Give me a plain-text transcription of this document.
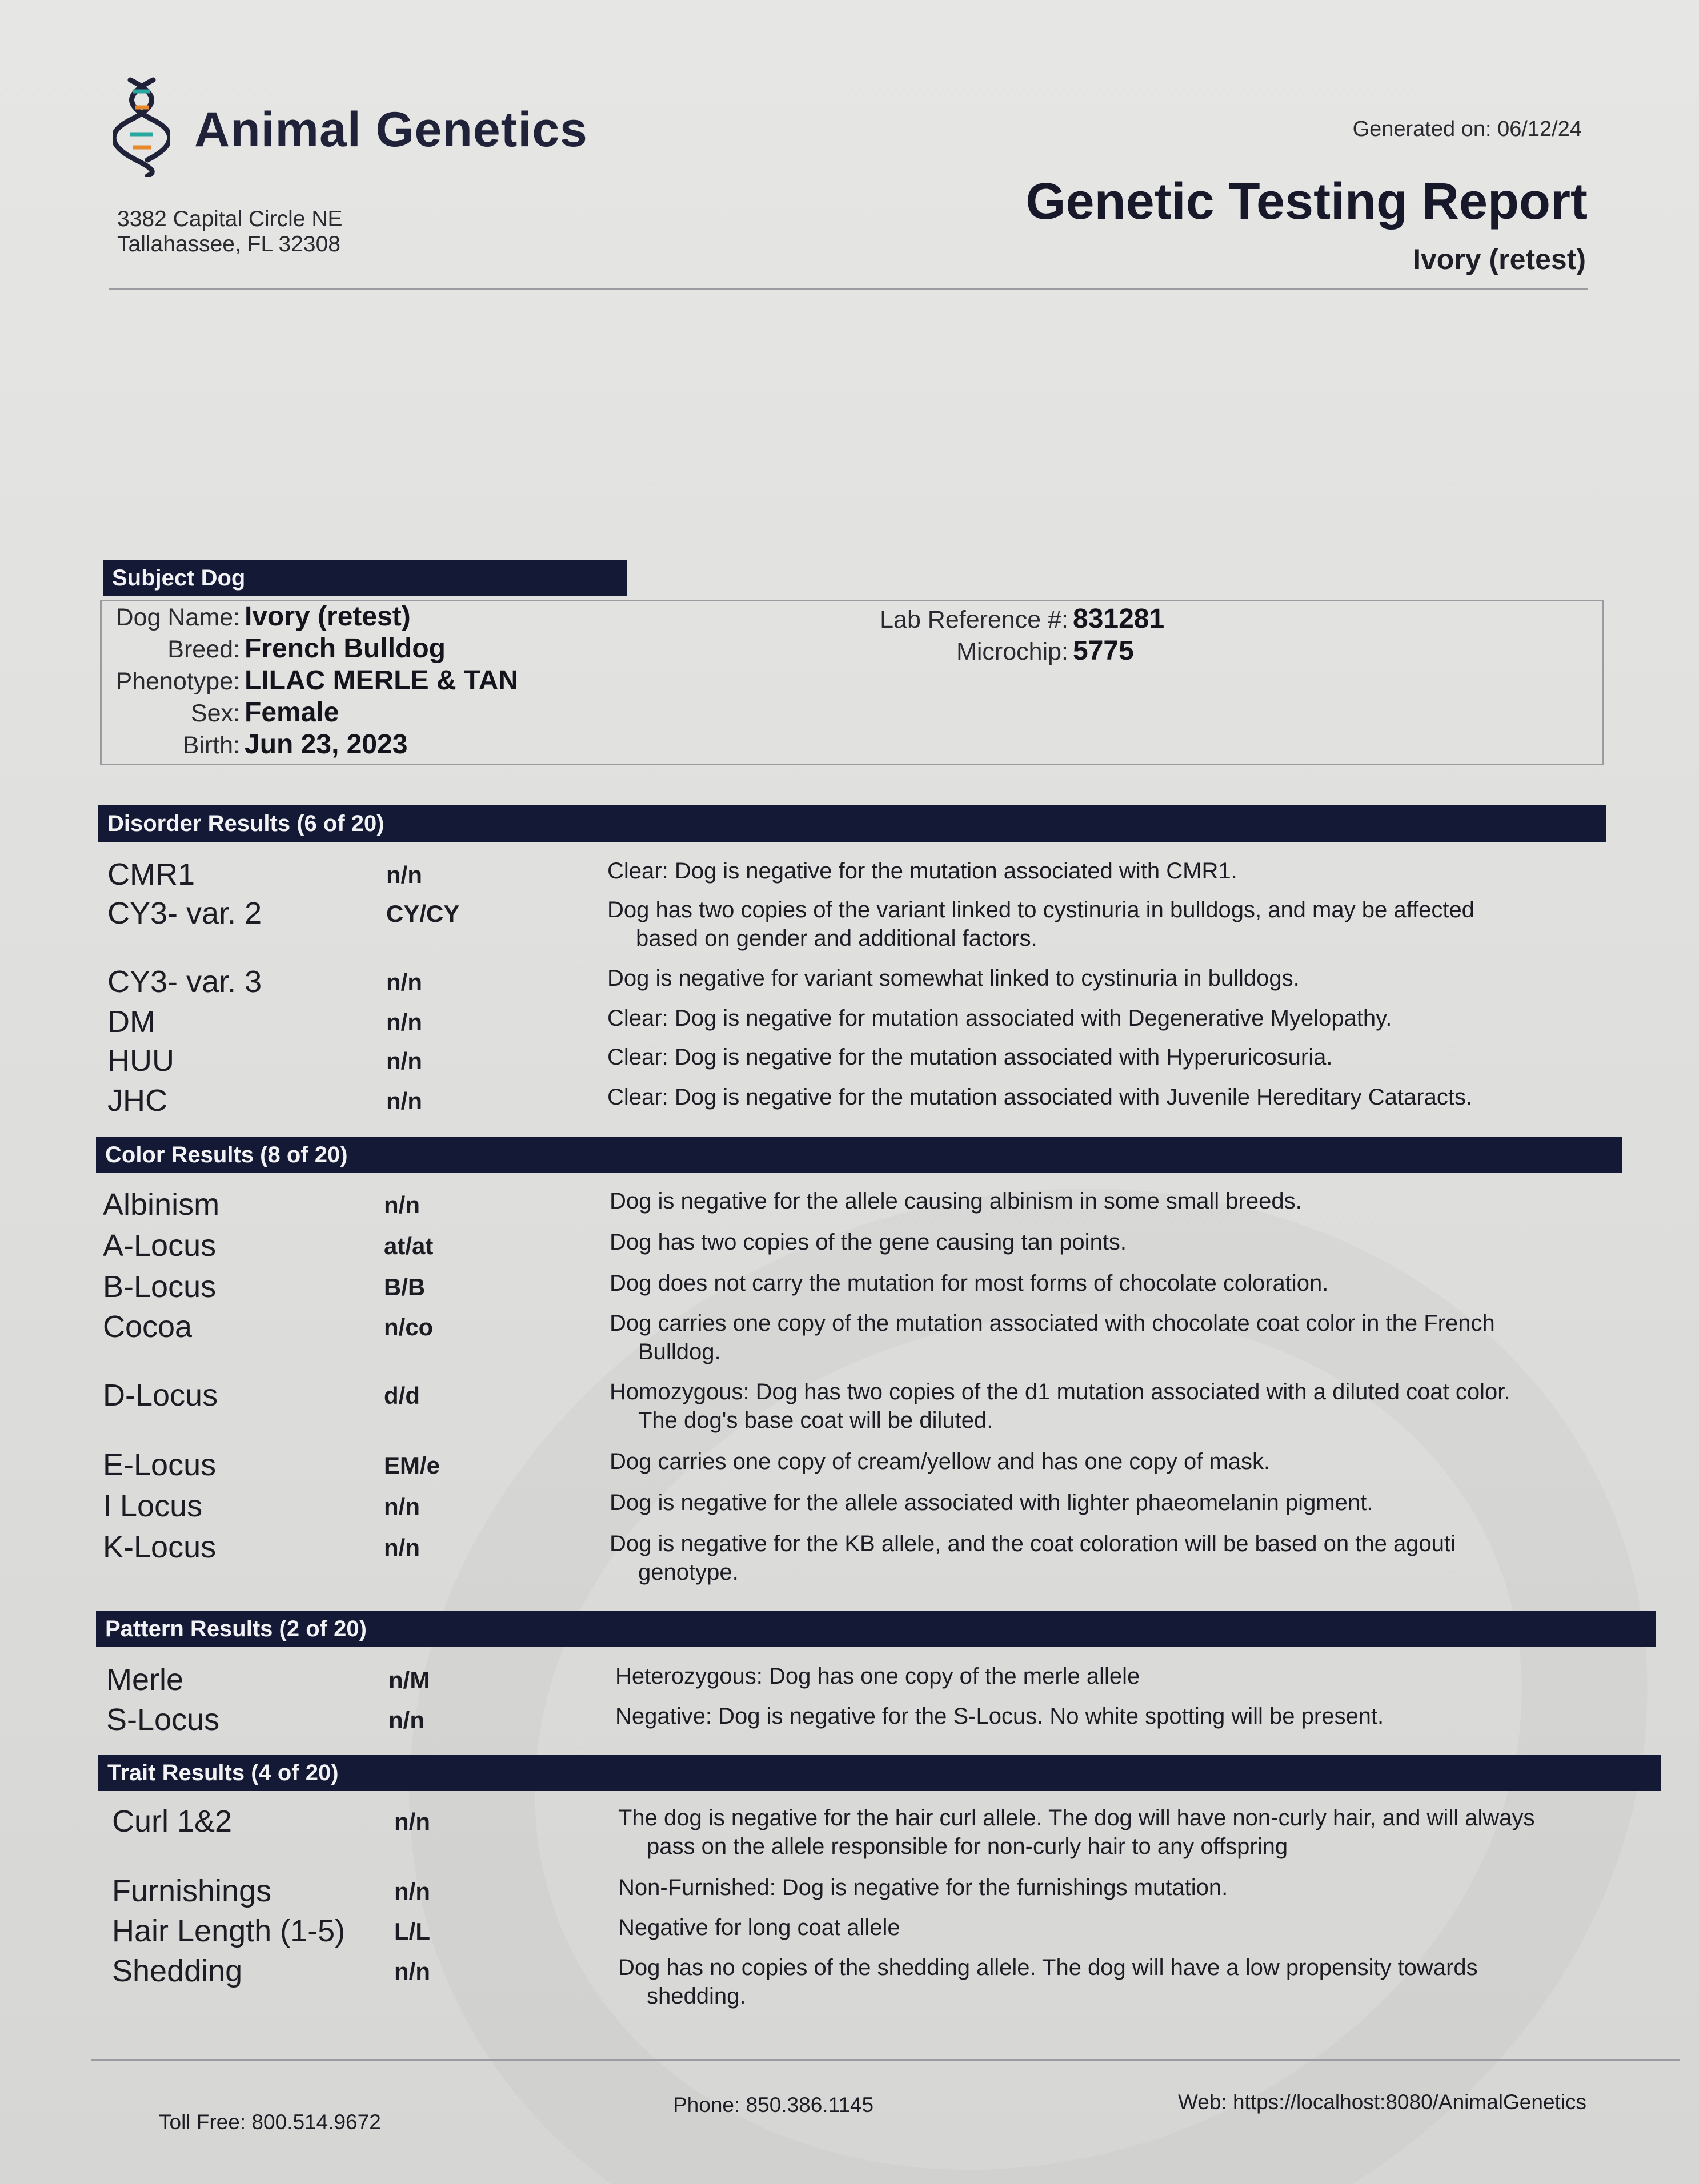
Animal Genetics
3382 Capital Circle NE
Tallahassee, FL 32308
Generated on: 06/12/24
Genetic Testing Report
Ivory (retest)
Subject Dog
Dog Name: Ivory (retest)
Breed: French Bulldog
Phenotype: LILAC MERLE & TAN
Sex: Female
Birth: Jun 23, 2023
Lab Reference #: 831281
Microchip: 5775
Disorder Results (6 of 20)
Color Results (8 of 20)
Pattern Results (2 of 20)
Trait Results (4 of 20)
CMR1	n/n	Clear: Dog is negative for the mutation associated with CMR1.
CY3- var. 2	CY/CY	Dog has two copies of the variant linked to cystinuria in bulldogs, and may be affected
based on gender and additional factors.
CY3- var. 3	n/n	Dog is negative for variant somewhat linked to cystinuria in bulldogs.
DM	n/n	Clear: Dog is negative for mutation associated with Degenerative Myelopathy.
HUU	n/n	Clear: Dog is negative for the mutation associated with Hyperuricosuria.
JHC	n/n	Clear: Dog is negative for the mutation associated with Juvenile Hereditary Cataracts.
Albinism	n/n	Dog is negative for the allele causing albinism in some small breeds.
A-Locus	at/at	Dog has two copies of the gene causing tan points.
B-Locus	B/B	Dog does not carry the mutation for most forms of chocolate coloration.
Cocoa	n/co	Dog carries one copy of the mutation associated with chocolate coat color in the French
Bulldog.
D-Locus	d/d	Homozygous: Dog has two copies of the d1 mutation associated with a diluted coat color.
The dog's base coat will be diluted.
E-Locus	EM/e	Dog carries one copy of cream/yellow and has one copy of mask.
I Locus	n/n	Dog is negative for the allele associated with lighter phaeomelanin pigment.
K-Locus	n/n	Dog is negative for the KB allele, and the coat coloration will be based on the agouti
genotype.
Merle	n/M	Heterozygous: Dog has one copy of the merle allele
S-Locus	n/n	Negative: Dog is negative for the S-Locus. No white spotting will be present.
Curl 1&2	n/n	The dog is negative for the hair curl allele. The dog will have non-curly hair, and will always
pass on the allele responsible for non-curly hair to any offspring
Furnishings	n/n	Non-Furnished: Dog is negative for the furnishings mutation.
Hair Length (1-5) L/L	Negative for long coat allele
Shedding	n/n	Dog has no copies of the shedding allele. The dog will have a low propensity towards
shedding.
Toll Free: 800.514.9672
Phone: 850.386.1145	Web: https://localhost:8080/AnimalGenetics
